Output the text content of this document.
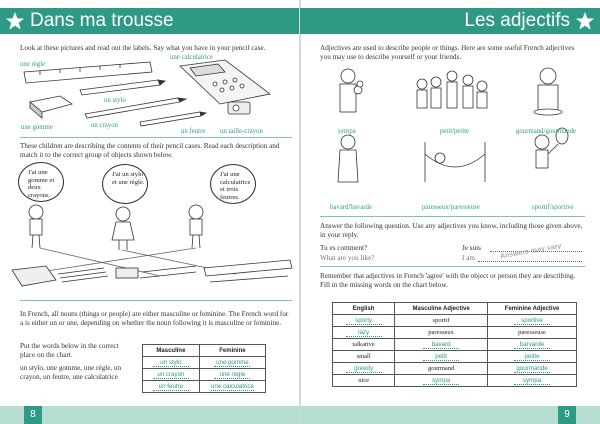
Dans ma trousse
Look at these pictures and read out the labels. Say what you have in your pencil case.
une règle
une calculatrice
un stylo
une gomme	un crayon
un feutre un taille-crayon
These children are describing the contents of their pencil cases. Read each description and match it to the correct group of objects shown below.
J'ai une gomme et deux crayons.
J'ai un stylo et une règle.
J'ai une calculatrice et trois feutres.
In French, all nouns (things or people) are either masculine or feminine. The French word for a is either un or une, depending on whether the noun following it is masculine or feminine.
Put the words below in the correct place on the chart.
un stylo, une gomme, une règle, un crayon, un feutre, une calculatrice
Masculine	Feminine
un stylo	une gomme
un crayon	une règle
un feutre	une calculatrice
8
Les adjectifs
Adjectives are used to describe people or things. Here are some useful French adjectives you may use to describe yourself or your friends.
sympa	petit/petite	gourmand/gourmande
bavard/bavarde	paresseux/paresseuse	sportif/sportive
Answer the following question. Use any adjectives you know, including those given above, in your reply.
Tu es comment?
What are you like?
Je suis
I am	Answers may vary
Remember that adjectives in French 'agree' with the object or person they are describing. Fill in the missing words on the chart below.
English	Masculine Adjective	Feminine Adjective
sporty	sportif	sportive
lazy	paresseux	paresseuse
talkative	bavard	barvarde
small	petit	petite
greedy	gourmand	gourmande
nice	sympa	sympa
9
